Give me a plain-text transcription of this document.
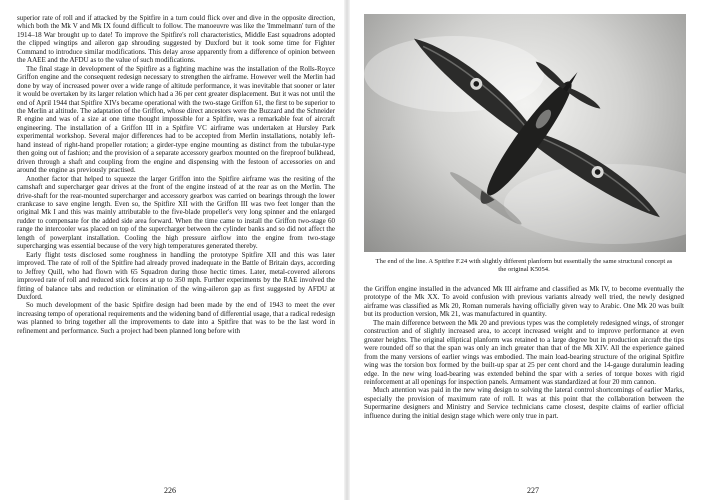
superior rate of roll and if attacked by the Spitfire in a turn could flick over and dive in the opposite direction, which both the Mk V and Mk IX found difficult to follow. The manoeuvre was like the 'Immelmann' turn of the 1914–18 War brought up to date! To improve the Spitfire's roll characteristics, Middle East squadrons adopted the clipped wingtips and aileron gap shrouding suggested by Duxford but it took some time for Fighter Command to introduce similar modifications. This delay arose apparently from a difference of opinion between the AAEE and the AFDU as to the value of such modifications.

The final stage in development of the Spitfire as a fighting machine was the installation of the Rolls-Royce Griffon engine and the consequent redesign necessary to strengthen the airframe. However well the Merlin had done by way of increased power over a wide range of altitude performance, it was inevitable that sooner or later it would be overtaken by its larger relation which had a 36 per cent greater displacement. But it was not until the end of April 1944 that Spitfire XIVs became operational with the two-stage Griffon 61, the first to be superior to the Merlin at altitude. The adaptation of the Griffon, whose direct ancestors were the Buzzard and the Schneider R engine and was of a size at one time thought impossible for a Spitfire, was a remarkable feat of aircraft engineering. The installation of a Griffon III in a Spitfire VC airframe was undertaken at Hursley Park experimental workshop. Several major differences had to be accepted from Merlin installations, notably left-hand instead of right-hand propeller rotation; a girder-type engine mounting as distinct from the tubular-type then going out of fashion; and the provision of a separate accessory gearbox mounted on the fireproof bulkhead, driven through a shaft and coupling from the engine and dispensing with the festoon of accessories on and around the engine as previously practised.

Another factor that helped to squeeze the larger Griffon into the Spitfire airframe was the resiting of the camshaft and supercharger gear drives at the front of the engine instead of at the rear as on the Merlin. The drive-shaft for the rear-mounted supercharger and accessory gearbox was carried on bearings through the lower crankcase to save engine length. Even so, the Spitfire XII with the Griffon III was two feet longer than the original Mk I and this was mainly attributable to the five-blade propeller's very long spinner and the enlarged rudder to compensate for the added side area forward. When the time came to install the Griffon two-stage 60 range the intercooler was placed on top of the supercharger between the cylinder banks and so did not affect the length of powerplant installation. Cooling the high pressure airflow into the engine from two-stage supercharging was essential because of the very high temperatures generated thereby.

Early flight tests disclosed some roughness in handling the prototype Spitfire XII and this was later improved. The rate of roll of the Spitfire had already proved inadequate in the Battle of Britain days, according to Jeffrey Quill, who had flown with 65 Squadron during those hectic times. Later, metal-covered ailerons improved rate of roll and reduced stick forces at up to 350 mph. Further experiments by the RAE involved the fitting of balance tabs and reduction or elimination of the wing-aileron gap as first suggested by AFDU at Duxford.

So much development of the basic Spitfire design had been made by the end of 1943 to meet the ever increasing tempo of operational requirements and the widening band of differential usage, that a radical redesign was planned to bring together all the improvements to date into a Spitfire that was to be the last word in refinement and performance. Such a project had been planned long before with

226
The end of the line. A Spitfire F.24 with slightly different planform but essentially the same structural concept as the original K5054.

the Griffon engine installed in the advanced Mk III airframe and classified as Mk IV, to become eventually the prototype of the Mk XX. To avoid confusion with previous variants already well tried, the newly designed airframe was classified as Mk 20, Roman numerals having officially given way to Arabic. One Mk 20 was built but its production version, Mk 21, was manufactured in quantity.

The main difference between the Mk 20 and previous types was the completely redesigned wings, of stronger construction and of slightly increased area, to accept increased weight and to improve performance at even greater heights. The original elliptical planform was retained to a large degree but in production aircraft the tips were rounded off so that the span was only an inch greater than that of the Mk XIV. All the experience gained from the many versions of earlier wings was embodied. The main load-bearing structure of the original Spitfire wing was the torsion box formed by the built-up spar at 25 per cent chord and the 14-gauge duralumin leading edge. In the new wing load-bearing was extended behind the spar with a series of torque boxes with rigid reinforcement at all openings for inspection panels. Armament was standardized at four 20 mm cannon.

Much attention was paid in the new wing design to solving the lateral control shortcomings of earlier Marks, especially the provision of maximum rate of roll. It was at this point that the collaboration between the Supermarine designers and Ministry and Service technicians came closest, despite claims of earlier official influence during the initial design stage which were only true in part.

227
